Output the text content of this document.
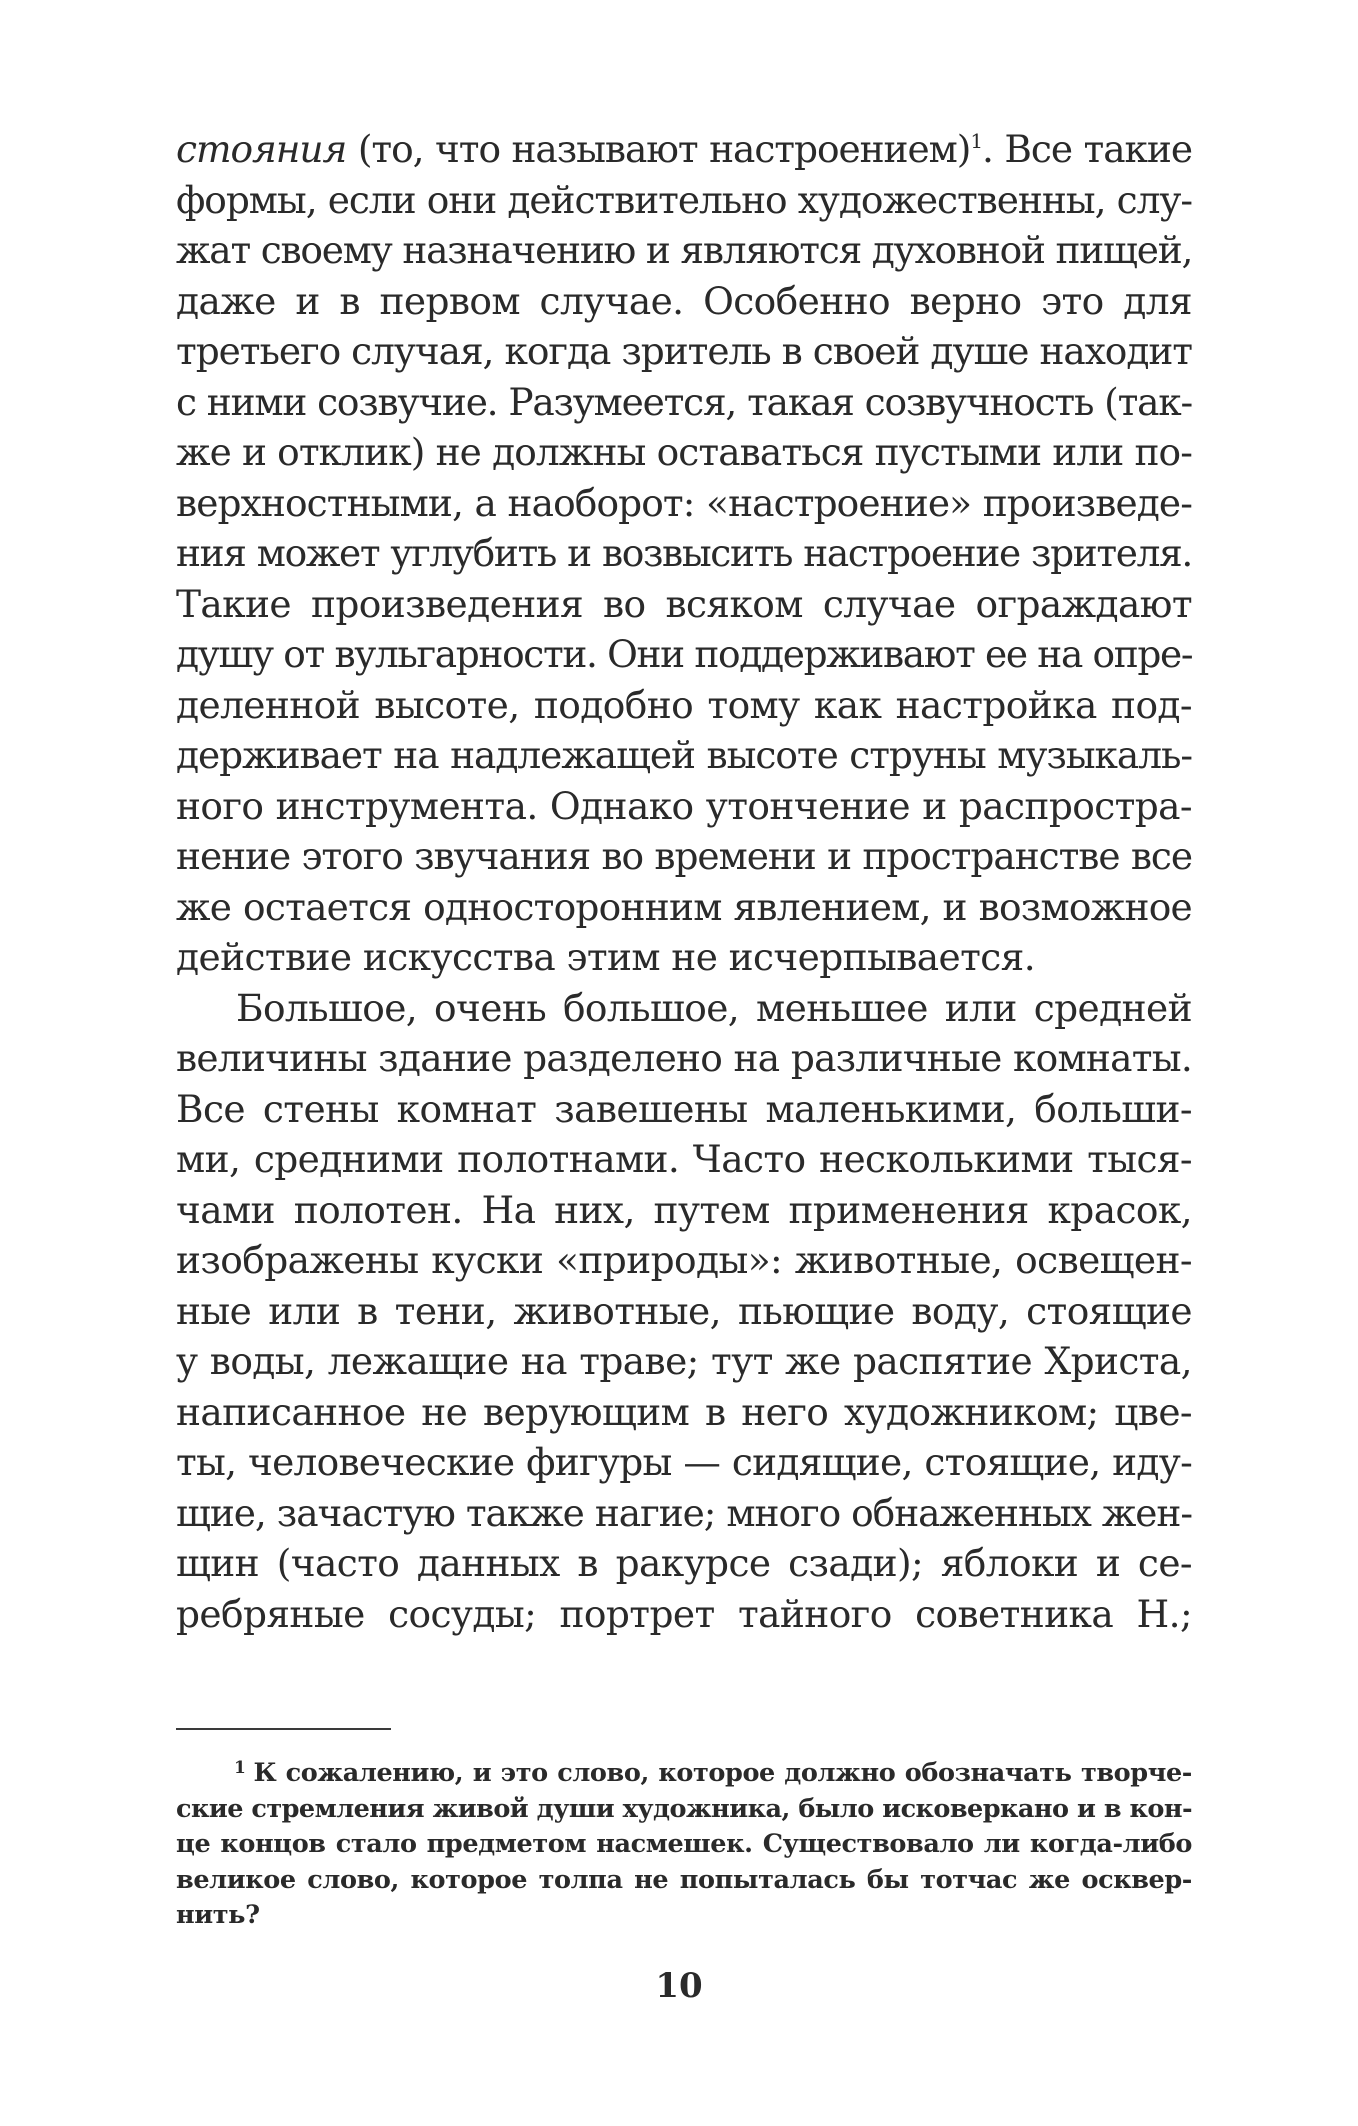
стояния (то, что называют настроением)$^1$. Все такие
формы, если они действительно художественны, слу-
жат своему назначению и являются духовной пищей,
даже и в первом случае. Особенно верно это для
третьего случая, когда зритель в своей душе находит
с ними созвучие. Разумеется, такая созвучность (так-
же и отклик) не должны оставаться пустыми или по-
верхностными, а наоборот: «настроение» произведе-
ния может углубить и возвысить настроение зрителя.
Такие произведения во всяком случае ограждают
душу от вульгарности. Они поддерживают ее на опре-
деленной высоте, подобно тому как настройка под-
держивает на надлежащей высоте струны музыкаль-
ного инструмента. Однако утончение и распростра-
нение этого звучания во времени и пространстве все
же остается односторонним явлением, и возможное
действие искусства этим не исчерпывается.
Большое, очень большое, меньшее или средней
величины здание разделено на различные комнаты.
Все стены комнат завешены маленькими, больши-
ми, средними полотнами. Часто несколькими тыся-
чами полотен. На них, путем применения красок,
изображены куски «природы»: животные, освещен-
ные или в тени, животные, пьющие воду, стоящие
у воды, лежащие на траве; тут же распятие Христа,
написанное не верующим в него художником; цве-
ты, человеческие фигуры — сидящие, стоящие, иду-
щие, зачастую также нагие; много обнаженных жен-
щин (часто данных в ракурсе сзади); яблоки и се-
ребряные сосуды; портрет тайного советника Н.;
$^1$ К сожалению, и это слово, которое должно обозначать творче-
ские стремления живой души художника, было исковеркано и в кон-
це концов стало предметом насмешек. Существовало ли когда-либо
великое слово, которое толпа не попыталась бы тотчас же осквер-
нить?
10
